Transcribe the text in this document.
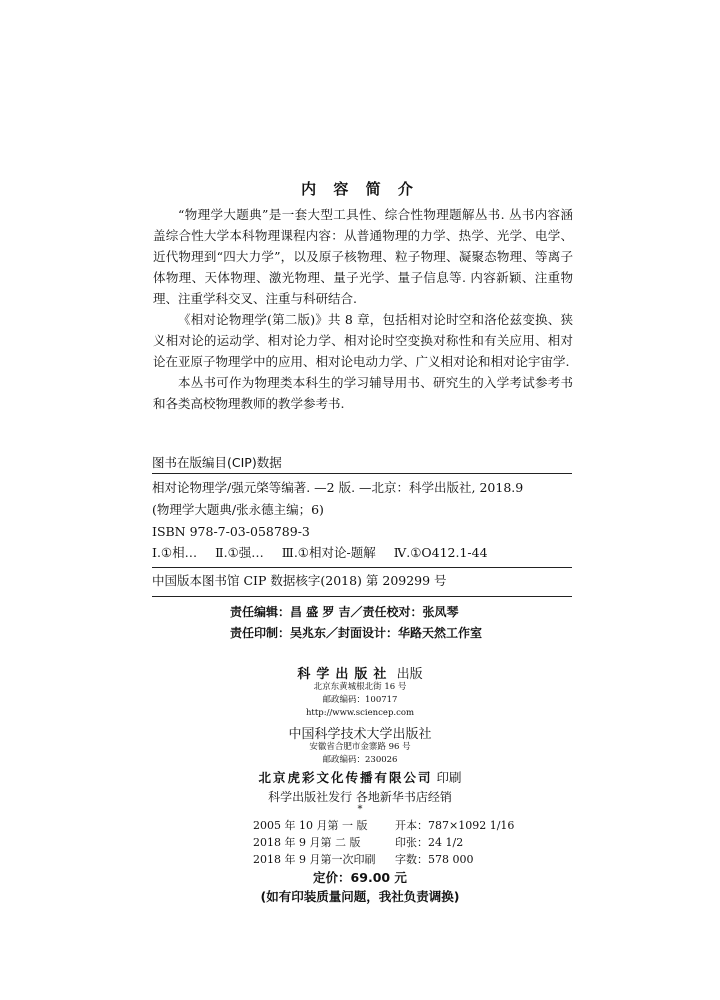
内 容 简 介

“物理学大题典”是一套大型工具性、综合性物理题解丛书. 丛书内容涵盖综合性大学本科物理课程内容：从普通物理的力学、热学、光学、电学、近代物理到“四大力学”，以及原子核物理、粒子物理、凝聚态物理、等离子体物理、天体物理、激光物理、量子光学、量子信息等. 内容新颖、注重物理、注重学科交叉、注重与科研结合.

《相对论物理学(第二版)》共 8 章，包括相对论时空和洛伦兹变换、狭义相对论的运动学、相对论力学、相对论时空变换对称性和有关应用、相对论在亚原子物理学中的应用、相对论电动力学、广义相对论和相对论宇宙学.

本丛书可作为物理类本科生的学习辅导用书、研究生的入学考试参考书和各类高校物理教师的教学参考书.

图书在版编目(CIP)数据
相对论物理学/强元棨等编著. —2 版. —北京：科学出版社, 2018.9
(物理学大题典/张永德主编；6)
ISBN 978-7-03-058789-3
Ⅰ.①相… Ⅱ.①强… Ⅲ.①相对论-题解 Ⅳ.①O412.1-44
中国版本图书馆 CIP 数据核字(2018) 第 209299 号
责任编辑：昌 盛 罗 吉／责任校对：张凤琴
责任印制：吴兆东／封面设计：华路天然工作室
科学出版社 出版
北京东黄城根北街 16 号
邮政编码：100717
http://www.sciencep.com
中国科学技术大学出版社
安徽省合肥市金寨路 96 号
邮政编码：230026
北京虎彩文化传播有限公司 印刷
科学出版社发行 各地新华书店经销
*
2005 年 10 月第 一 版	开本：787×1092 1/16
2018 年 9 月第 二 版	印张：24 1/2
2018 年 9 月第一次印刷 字数：578 000
定价：69.00 元
(如有印装质量问题，我社负责调换)
